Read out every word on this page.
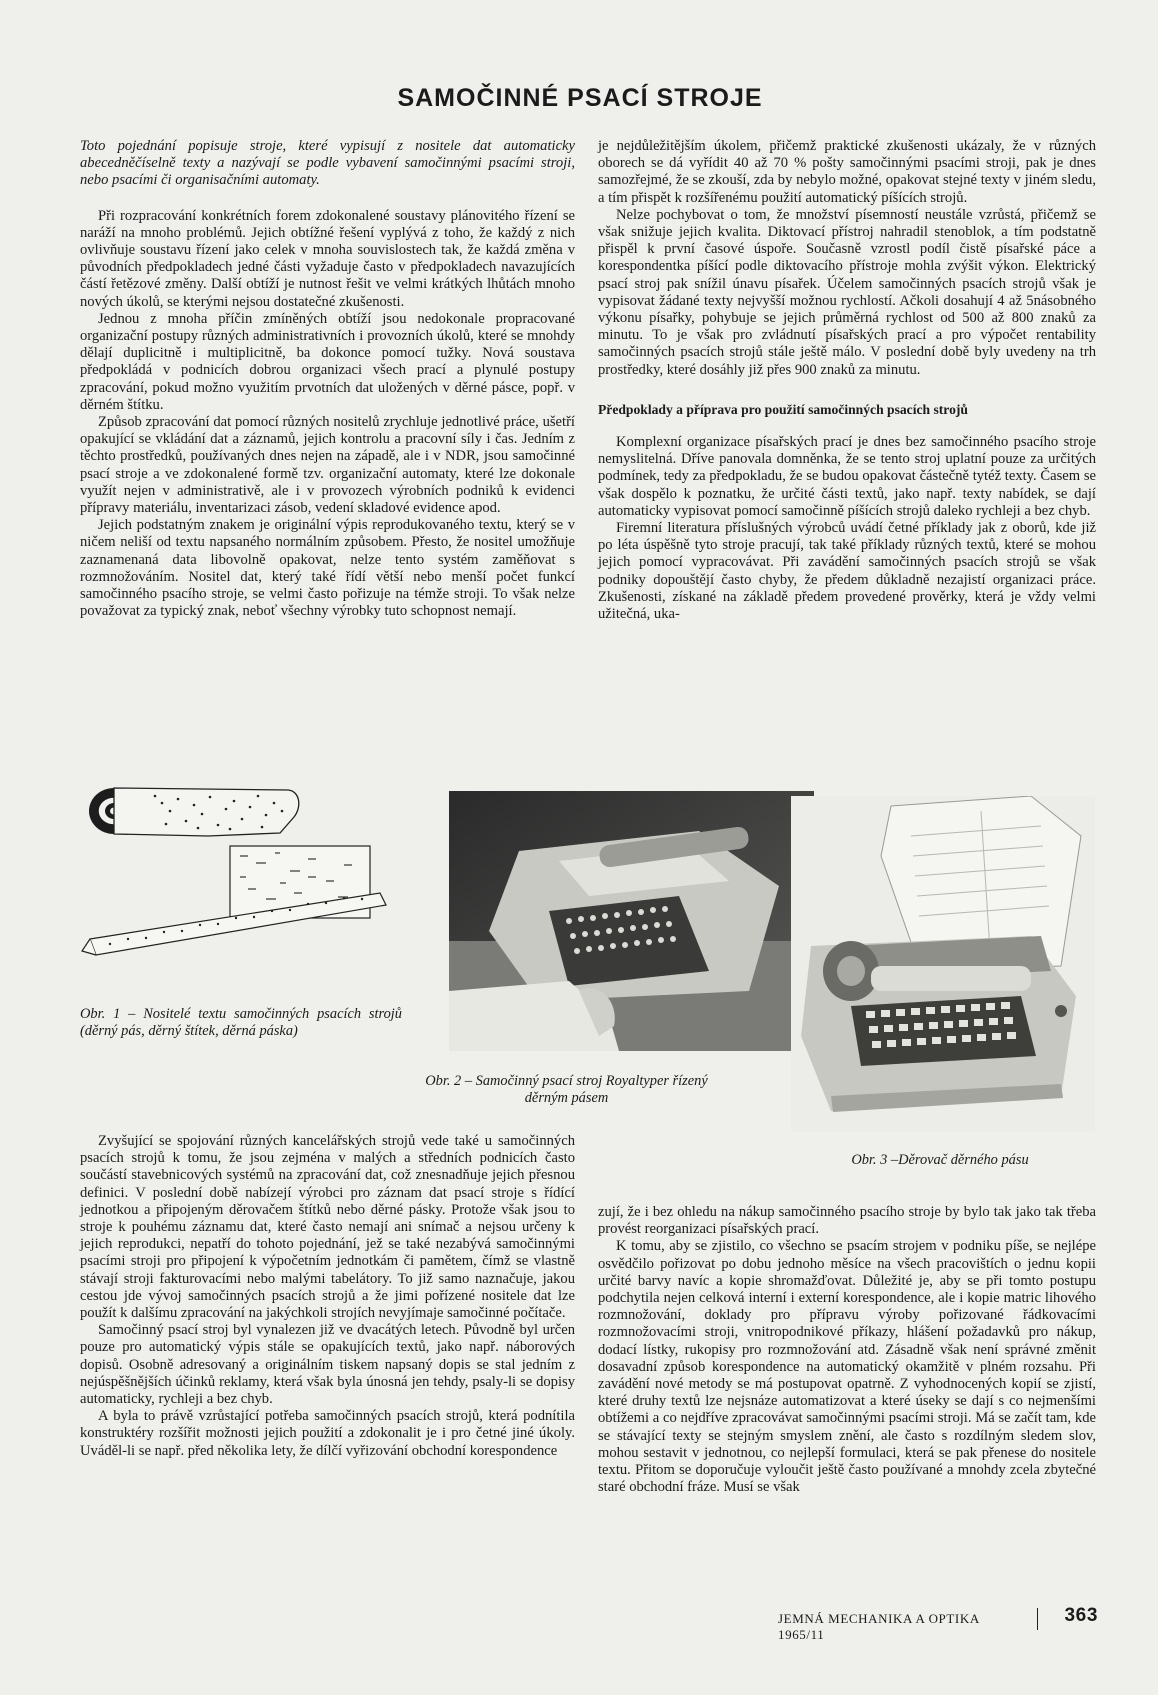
SAMOČINNÉ PSACÍ STROJE

Toto pojednání popisuje stroje, které vypisují z nositele dat automaticky abecedněčíselně texty a nazývají se podle vybavení samočinnými psacími stroji, nebo psacími či organisačními automaty.

Při rozpracování konkrétních forem zdokonalené soustavy plánovitého řízení se naráží na mnoho problémů. Jejich obtížné řešení vyplývá z toho, že každý z nich ovlivňuje soustavu řízení jako celek v mnoha souvislostech tak, že každá změna v původních předpokladech jedné části vyžaduje často v předpokladech navazujících částí řetězové změny. Další obtíží je nutnost řešit ve velmi krátkých lhůtách mnoho nových úkolů, se kterými nejsou dostatečné zkušenosti.

Jednou z mnoha příčin zmíněných obtíží jsou nedokonale propracované organizační postupy různých administrativních i provozních úkolů, které se mnohdy dělají duplicitně i multiplicitně, ba dokonce pomocí tužky. Nová soustava předpokládá v podnicích dobrou organizaci všech prací a plynulé postupy zpracování, pokud možno využitím prvotních dat uložených v děrné pásce, popř. v děrném štítku.

Způsob zpracování dat pomocí různých nositelů zrychluje jednotlivé práce, ušetří opakující se vkládání dat a záznamů, jejich kontrolu a pracovní síly i čas. Jedním z těchto prostředků, používaných dnes nejen na západě, ale i v NDR, jsou samočinné psací stroje a ve zdokonalené formě tzv. organizační automaty, které lze dokonale využít nejen v administrativě, ale i v provozech výrobních podniků k evidenci přípravy materiálu, inventarizaci zásob, vedení skladové evidence apod.

Jejich podstatným znakem je originální výpis reprodukovaného textu, který se v ničem neliší od textu napsaného normálním způsobem. Přesto, že nositel umožňuje zaznamenaná data libovolně opakovat, nelze tento systém zaměňovat s rozmnožováním. Nositel dat, který také řídí větší nebo menší počet funkcí samočinného psacího stroje, se velmi často pořizuje na témže stroji. To však nelze považovat za typický znak, neboť všechny výrobky tuto schopnost nemají.

je nejdůležitějším úkolem, přičemž praktické zkušenosti ukázaly, že v různých oborech se dá vyřídit 40 až 70 % pošty samočinnými psacími stroji, pak je dnes samozřejmé, že se zkouší, zda by nebylo možné, opakovat stejné texty v jiném sledu, a tím přispět k rozšířenému použití automatický píšících strojů.

Nelze pochybovat o tom, že množství písemností neustále vzrůstá, přičemž se však snižuje jejich kvalita. Diktovací přístroj nahradil stenoblok, a tím podstatně přispěl k první časové úspoře. Současně vzrostl podíl čistě písařské páce a korespondentka píšící podle diktovacího přístroje mohla zvýšit výkon. Elektrický psací stroj pak snížil únavu písařek. Účelem samočinných psacích strojů však je vypisovat žádané texty nejvyšší možnou rychlostí. Ačkoli dosahují 4 až 5násobného výkonu písařky, pohybuje se jejich průměrná rychlost od 500 až 800 znaků za minutu. To je však pro zvládnutí písařských prací a pro výpočet rentability samočinných psacích strojů stále ještě málo. V poslední době byly uvedeny na trh prostředky, které dosáhly již přes 900 znaků za minutu.

Předpoklady a příprava pro použití samočinných psacích strojů

Komplexní organizace písařských prací je dnes bez samočinného psacího stroje nemyslitelná. Dříve panovala domněnka, že se tento stroj uplatní pouze za určitých podmínek, tedy za předpokladu, že se budou opakovat částečně tytéž texty. Časem se však dospělo k poznatku, že určité části textů, jako např. texty nabídek, se dají automaticky vypisovat pomocí samočinně píšících strojů daleko rychleji a bez chyb.

Firemní literatura příslušných výrobců uvádí četné příklady jak z oborů, kde již po léta úspěšně tyto stroje pracují, tak také příklady různých textů, které se mohou jejich pomocí vypracovávat. Při zavádění samočinných psacích strojů se však podniky dopouštějí často chyby, že předem důkladně nezajistí organizaci práce. Zkušenosti, získané na základě předem provedené prověrky, která je vždy velmi užitečná, uka-

Obr. 1 – Nositelé textu samočinných psacích strojů (děrný pás, děrný štítek, děrná páska)

Obr. 2 – Samočinný psací stroj Royaltyper řízený děrným pásem

Obr. 3 –Děrovač děrného pásu

Zvyšující se spojování různých kancelářských strojů vede také u samočinných psacích strojů k tomu, že jsou zejména v malých a středních podnicích často součástí stavebnicových systémů na zpracování dat, což znesnadňuje jejich přesnou definici. V poslední době nabízejí výrobci pro záznam dat psací stroje s řídící jednotkou a připojeným děrovačem štítků nebo děrné pásky. Protože však jsou to stroje k pouhému záznamu dat, které často nemají ani snímač a nejsou určeny k jejich reprodukci, nepatří do tohoto pojednání, jež se také nezabývá samočinnými psacími stroji pro připojení k výpočetním jednotkám či pamětem, čímž se vlastně stávají stroji fakturovacími nebo malými tabelátory. To již samo naznačuje, jakou cestou jde vývoj samočinných psacích strojů a že jimi pořízené nositele dat lze použít k dalšímu zpracování na jakýchkoli strojích nevyjímaje samočinné počítače.

Samočinný psací stroj byl vynalezen již ve dvacátých letech. Původně byl určen pouze pro automatický výpis stále se opakujících textů, jako např. náborových dopisů. Osobně adresovaný a originálním tiskem napsaný dopis se stal jedním z nejúspěšnějších účinků reklamy, která však byla únosná jen tehdy, psaly-li se dopisy automaticky, rychleji a bez chyb.

A byla to právě vzrůstající potřeba samočinných psacích strojů, která podnítila konstruktéry rozšířit možnosti jejich použití a zdokonalit je i pro četné jiné úkoly. Uváděl-li se např. před několika lety, že dílčí vyřizování obchodní korespondence

zují, že i bez ohledu na nákup samočinného psacího stroje by bylo tak jako tak třeba provést reorganizaci písařských prací.

K tomu, aby se zjistilo, co všechno se psacím strojem v podniku píše, se nejlépe osvědčilo pořizovat po dobu jednoho měsíce na všech pracovištích o jednu kopii určité barvy navíc a kopie shromažďovat. Důležité je, aby se při tomto postupu podchytila nejen celková interní i externí korespondence, ale i kopie matric lihového rozmnožování, doklady pro přípravu výroby pořizované řádkovacími rozmnožovacími stroji, vnitropodnikové příkazy, hlášení požadavků pro nákup, dodací lístky, rukopisy pro rozmnožování atd. Zásadně však není správné změnit dosavadní způsob korespondence na automatický okamžitě v plném rozsahu. Při zavádění nové metody se má postupovat opatrně. Z vyhodnocených kopií se zjistí, které druhy textů lze nejsnáze automatizovat a které úseky se dají s co nejmenšími obtížemi a co nejdříve zpracovávat samočinnými psacími stroji. Má se začít tam, kde se stávající texty se stejným smyslem znění, ale často s rozdílným sledem slov, mohou sestavit v jednotnou, co nejlepší formulaci, která se pak přenese do nositele textu. Přitom se doporučuje vyloučit ještě často používané a mnohdy zcela zbytečné staré obchodní fráze. Musí se však

JEMNÁ MECHANIKA A OPTIKA 1965/11
363
